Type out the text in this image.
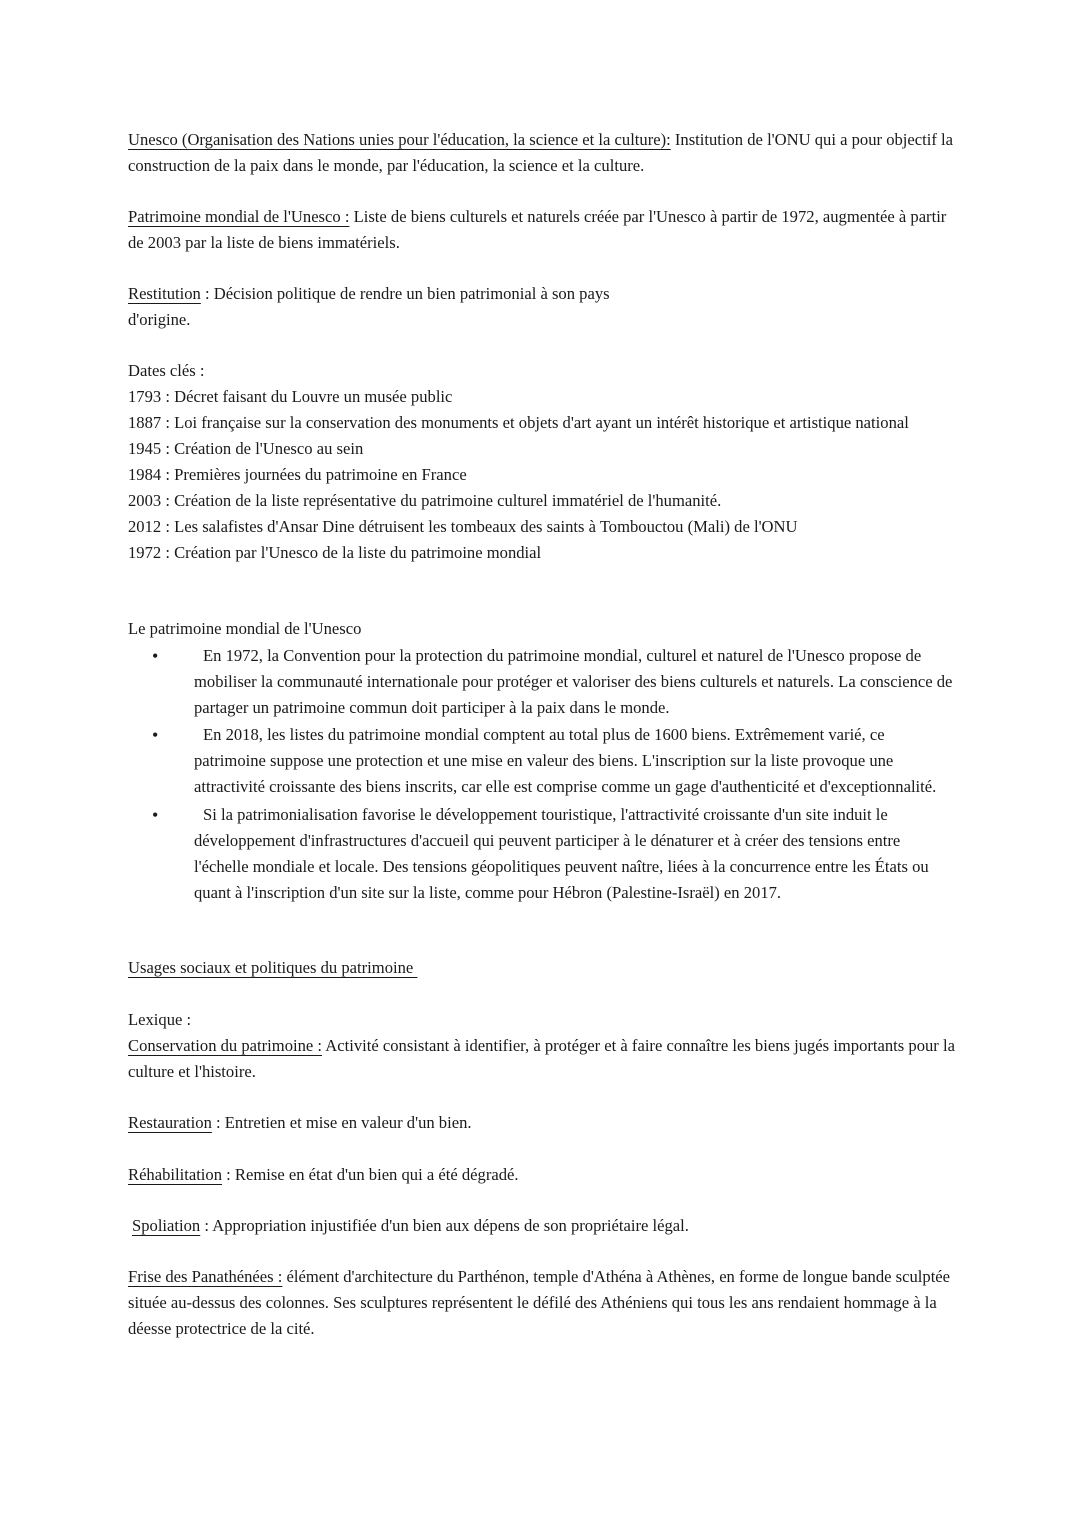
Unesco (Organisation des Nations unies pour l'éducation, la science et la culture): Institution de l'ONU qui a pour objectif la construction de la paix dans le monde, par l'éducation, la science et la culture.

Patrimoine mondial de l'Unesco : Liste de biens culturels et naturels créée par l'Unesco à partir de 1972, augmentée à partir de 2003 par la liste de biens immatériels.

Restitution : Décision politique de rendre un bien patrimonial à son pays
d'origine.

Dates clés :
1793 : Décret faisant du Louvre un musée public
1887 : Loi française sur la conservation des monuments et objets d'art ayant un intérêt historique et artistique national
1945 : Création de l'Unesco au sein
1984 : Premières journées du patrimoine en France
2003 : Création de la liste représentative du patrimoine culturel immatériel de l'humanité.
2012 : Les salafistes d'Ansar Dine détruisent les tombeaux des saints à Tombouctou (Mali) de l'ONU
1972 : Création par l'Unesco de la liste du patrimoine mondial

Le patrimoine mondial de l'Unesco

•	En 1972, la Convention pour la protection du patrimoine mondial, culturel et naturel de l'Unesco propose de mobiliser la communauté internationale pour protéger et valoriser des biens culturels et naturels. La conscience de partager un patrimoine commun doit participer à la paix dans le monde.
•	En 2018, les listes du patrimoine mondial comptent au total plus de 1600 biens. Extrêmement varié, ce patrimoine suppose une protection et une mise en valeur des biens. L'inscription sur la liste provoque une attractivité croissante des biens inscrits, car elle est comprise comme un gage d'authenticité et d'exceptionnalité.
•	Si la patrimonialisation favorise le développement touristique, l'attractivité croissante d'un site induit le développement d'infrastructures d'accueil qui peuvent participer à le dénaturer et à créer des tensions entre l'échelle mondiale et locale. Des tensions géopolitiques peuvent naître, liées à la concurrence entre les États ou quant à l'inscription d'un site sur la liste, comme pour Hébron (Palestine-Israël) en 2017.

Usages sociaux et politiques du patrimoine

Lexique :

Conservation du patrimoine : Activité consistant à identifier, à protéger et à faire connaître les biens jugés importants pour la culture et l'histoire.

Restauration : Entretien et mise en valeur d'un bien.

Réhabilitation : Remise en état d'un bien qui a été dégradé.

Spoliation : Appropriation injustifiée d'un bien aux dépens de son propriétaire légal.

Frise des Panathénées : élément d'architecture du Parthénon, temple d'Athéna à Athènes, en forme de longue bande sculptée située au-dessus des colonnes. Ses sculptures représentent le défilé des Athéniens qui tous les ans rendaient hommage à la déesse protectrice de la cité.
